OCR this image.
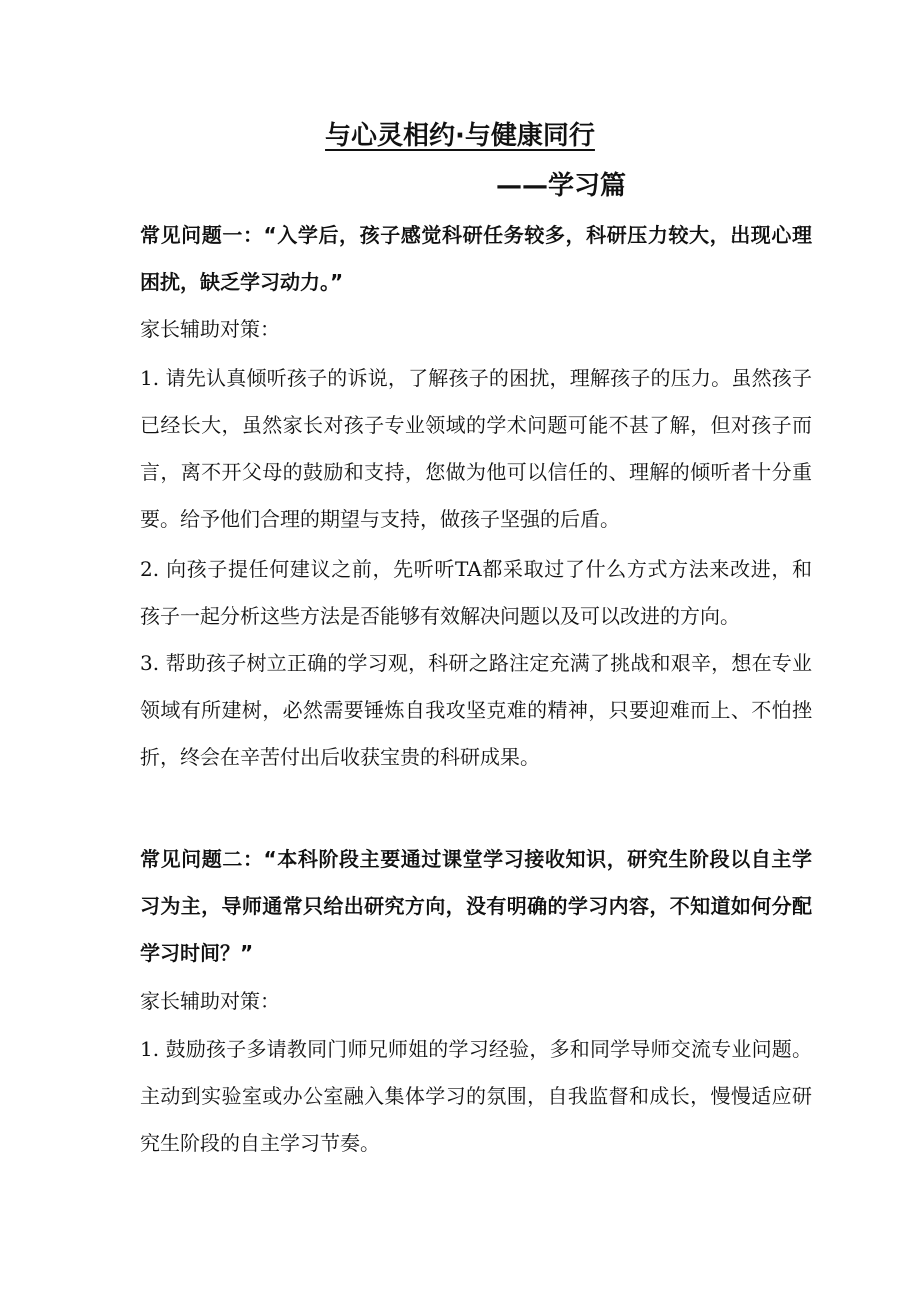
与心灵相约·与健康同行
——学习篇
常见问题一：“入学后，孩子感觉科研任务较多，科研压力较大，出现心理困扰，缺乏学习动力。”
家长辅助对策：
1. 请先认真倾听孩子的诉说，了解孩子的困扰，理解孩子的压力。虽然孩子已经长大，虽然家长对孩子专业领域的学术问题可能不甚了解，但对孩子而言，离不开父母的鼓励和支持，您做为他可以信任的、理解的倾听者十分重要。给予他们合理的期望与支持，做孩子坚强的后盾。
2. 向孩子提任何建议之前，先听听TA都采取过了什么方式方法来改进，和孩子一起分析这些方法是否能够有效解决问题以及可以改进的方向。
3. 帮助孩子树立正确的学习观，科研之路注定充满了挑战和艰辛，想在专业领域有所建树，必然需要锤炼自我攻坚克难的精神，只要迎难而上、不怕挫折，终会在辛苦付出后收获宝贵的科研成果。
常见问题二：“本科阶段主要通过课堂学习接收知识，研究生阶段以自主学习为主，导师通常只给出研究方向，没有明确的学习内容，不知道如何分配学习时间？”
家长辅助对策：
1. 鼓励孩子多请教同门师兄师姐的学习经验，多和同学导师交流专业问题。主动到实验室或办公室融入集体学习的氛围，自我监督和成长，慢慢适应研究生阶段的自主学习节奏。
